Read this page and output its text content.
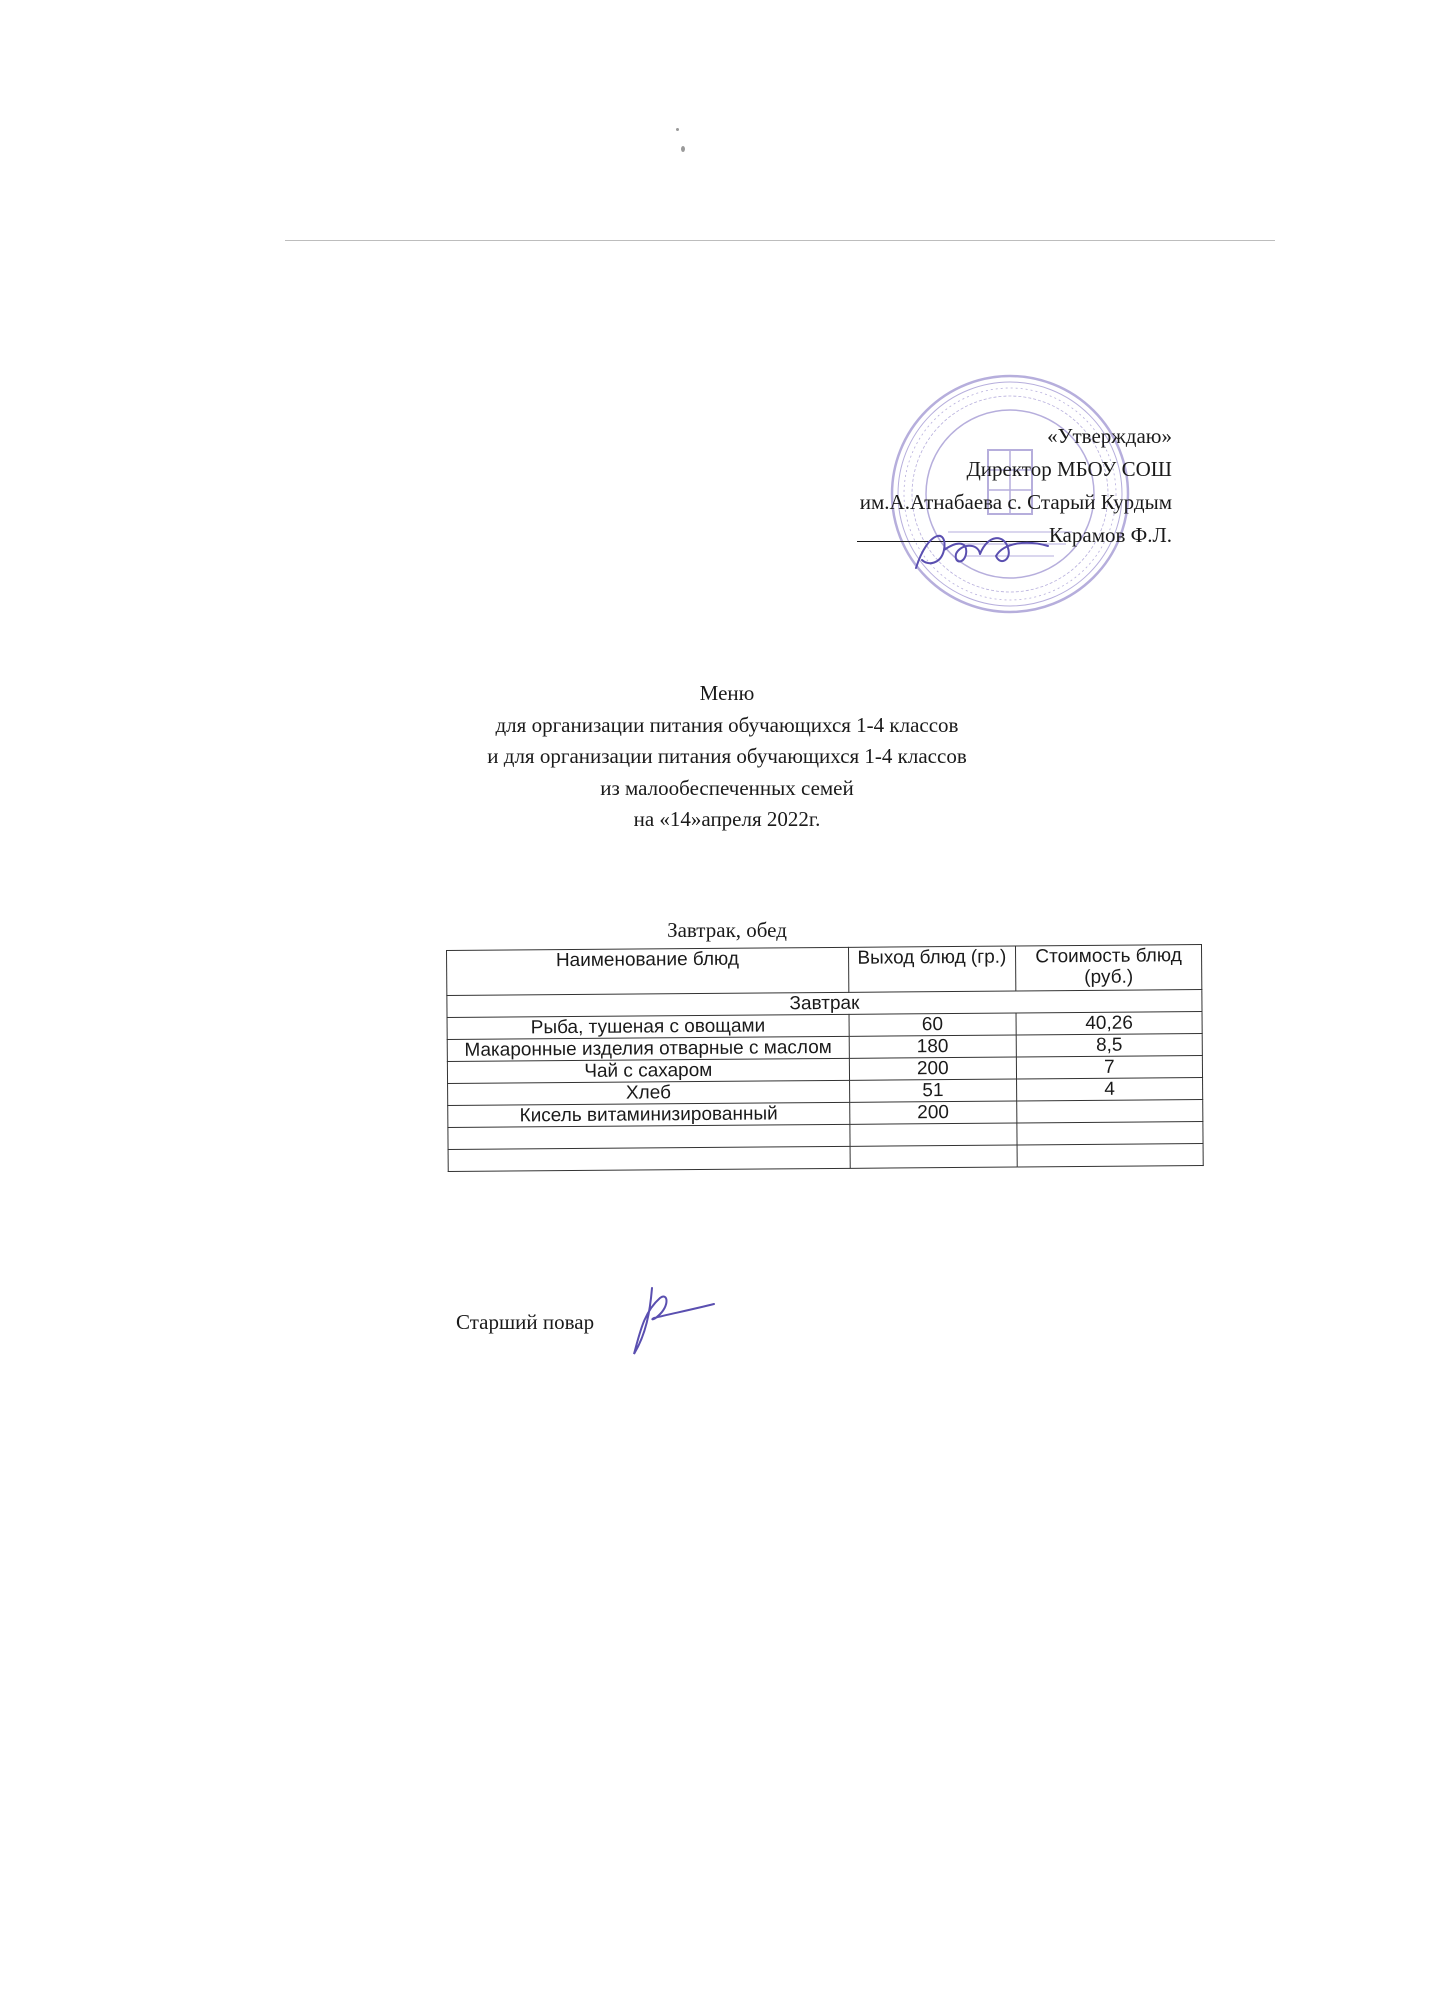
«Утверждаю»
Директор МБОУ СОШ
им.А.Атнабаева с. Старый Курдым
Карамов Ф.Л.
Меню
для организации питания обучающихся 1-4 классов
и для организации питания обучающихся 1-4 классов
из малообеспеченных семей
на «14»апреля 2022г.
Завтрак, обед
Наименование блюд	Выход блюд (гр.)	Стоимость блюд (руб.)
Завтрак		
Рыба, тушеная с овощами	60	40,26
Макаронные изделия отварные с маслом	180	8,5
Чай с сахаром	200	7
Хлеб	51	4
Кисель витаминизированный	200	

Старший повар
